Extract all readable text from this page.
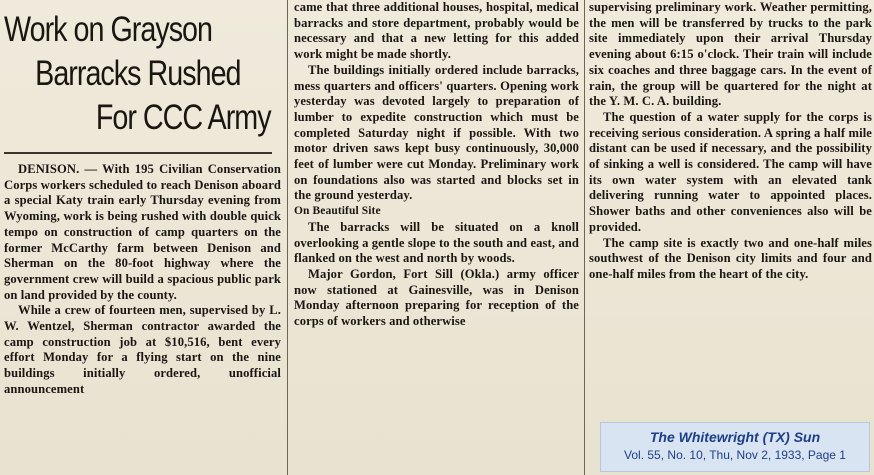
Work on Grayson
Barracks Rushed
For CCC Army

DENISON. — With 195 Civilian Conservation Corps workers scheduled to reach Denison aboard a special Katy train early Thursday evening from Wyoming, work is being rushed with double quick tempo on construction of camp quarters on the former McCarthy farm between Denison and Sherman on the 80-foot highway where the government crew will build a spacious public park on land provided by the county.

While a crew of fourteen men, supervised by L. W. Wentzel, Sherman contractor awarded the camp construction job at $10,516, bent every effort Monday for a flying start on the nine buildings initially ordered, unofficial announcement

came that three additional houses, hospital, medical barracks and store department, probably would be necessary and that a new letting for this added work might be made shortly.

The buildings initially ordered include barracks, mess quarters and officers' quarters. Opening work yesterday was devoted largely to preparation of lumber to expedite construction which must be completed Saturday night if possible. With two motor driven saws kept busy continuously, 30,000 feet of lumber were cut Monday. Preliminary work on foundations also was started and blocks set in the ground yesterday.

On Beautiful Site

The barracks will be situated on a knoll overlooking a gentle slope to the south and east, and flanked on the west and north by woods.

Major Gordon, Fort Sill (Okla.) army officer now stationed at Gainesville, was in Denison Monday afternoon preparing for reception of the corps of workers and otherwise

supervising preliminary work. Weather permitting, the men will be transferred by trucks to the park site immediately upon their arrival Thursday evening about 6:15 o'clock. Their train will include six coaches and three baggage cars. In the event of rain, the group will be quartered for the night at the Y. M. C. A. building.

The question of a water supply for the corps is receiving serious consideration. A spring a half mile distant can be used if necessary, and the possibility of sinking a well is considered. The camp will have its own water system with an elevated tank delivering running water to appointed places. Shower baths and other conveniences also will be provided.

The camp site is exactly two and one-half miles southwest of the Denison city limits and four and one-half miles from the heart of the city.

The Whitewright (TX) Sun
Vol. 55, No. 10, Thu, Nov 2, 1933, Page 1
